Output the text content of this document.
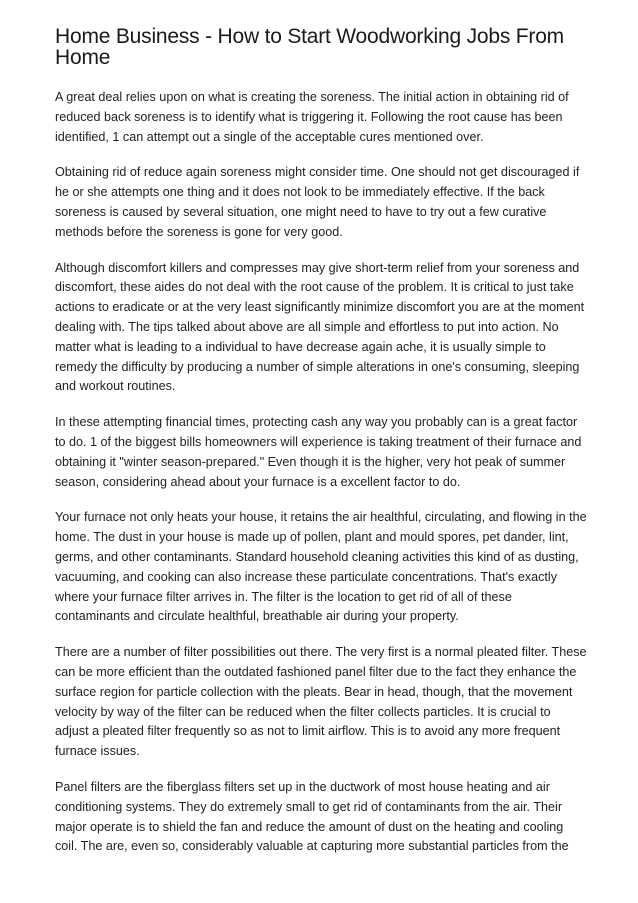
Home Business - How to Start Woodworking Jobs From Home

A great deal relies upon on what is creating the soreness. The initial action in obtaining rid of reduced back soreness is to identify what is triggering it. Following the root cause has been identified, 1 can attempt out a single of the acceptable cures mentioned over.

Obtaining rid of reduce again soreness might consider time. One should not get discouraged if he or she attempts one thing and it does not look to be immediately effective. If the back soreness is caused by several situation, one might need to have to try out a few curative methods before the soreness is gone for very good.

Although discomfort killers and compresses may give short-term relief from your soreness and discomfort, these aides do not deal with the root cause of the problem. It is critical to just take actions to eradicate or at the very least significantly minimize discomfort you are at the moment dealing with. The tips talked about above are all simple and effortless to put into action. No matter what is leading to a individual to have decrease again ache, it is usually simple to remedy the difficulty by producing a number of simple alterations in one's consuming, sleeping and workout routines.

In these attempting financial times, protecting cash any way you probably can is a great factor to do. 1 of the biggest bills homeowners will experience is taking treatment of their furnace and obtaining it "winter season-prepared." Even though it is the higher, very hot peak of summer season, considering ahead about your furnace is a excellent factor to do.

Your furnace not only heats your house, it retains the air healthful, circulating, and flowing in the home. The dust in your house is made up of pollen, plant and mould spores, pet dander, lint, germs, and other contaminants. Standard household cleaning activities this kind of as dusting, vacuuming, and cooking can also increase these particulate concentrations. That's exactly where your furnace filter arrives in. The filter is the location to get rid of all of these contaminants and circulate healthful, breathable air during your property.

There are a number of filter possibilities out there. The very first is a normal pleated filter. These can be more efficient than the outdated fashioned panel filter due to the fact they enhance the surface region for particle collection with the pleats. Bear in head, though, that the movement velocity by way of the filter can be reduced when the filter collects particles. It is crucial to adjust a pleated filter frequently so as not to limit airflow. This is to avoid any more frequent furnace issues.

Panel filters are the fiberglass filters set up in the ductwork of most house heating and air conditioning systems. They do extremely small to get rid of contaminants from the air. Their major operate is to shield the fan and reduce the amount of dust on the heating and cooling coil. The are, even so, considerably valuable at capturing more substantial particles from the
